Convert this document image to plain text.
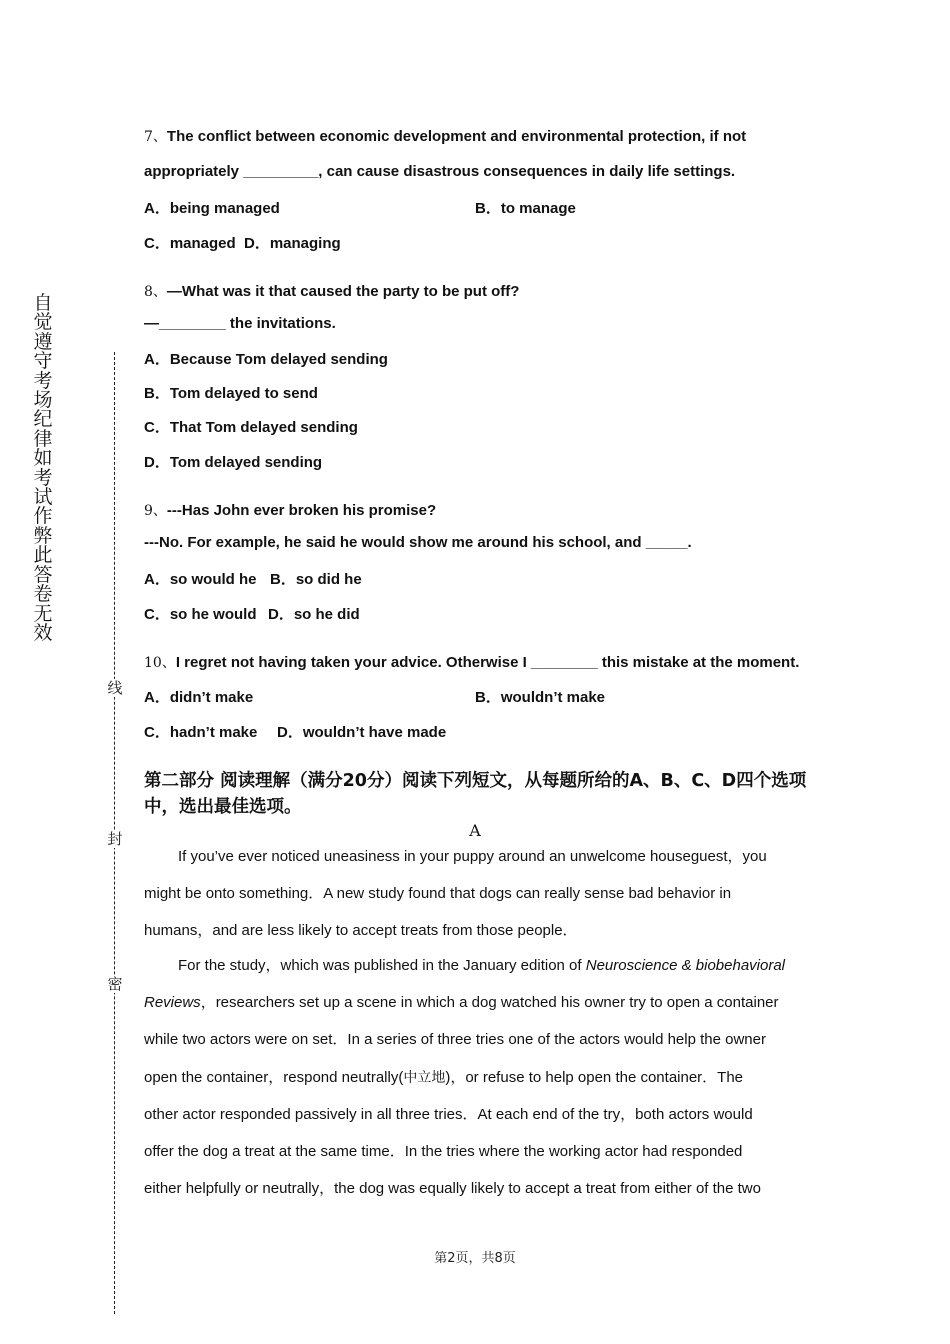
自觉遵守考场纪律如考试作弊此答卷无效
线
封
密
7、The conflict between economic development and environmental protection, if not
appropriately _________, can cause disastrous consequences in daily life settings.
A．being managed	B．to manage
C．managed D．managing
8、—What was it that caused the party to be put off?
—________ the invitations.
A．Because Tom delayed sending
B．Tom delayed to send
C．That Tom delayed sending
D．Tom delayed sending
9、---Has John ever broken his promise?
---No. For example, he said he would show me around his school, and _____.
A．so would he B．so did he
C．so he would D．so he did
10、I regret not having taken your advice. Otherwise I ________ this mistake at the moment.
A．didn’t make	B．wouldn’t make
C．hadn’t make D．wouldn’t have made
第二部分 阅读理解（满分20分）阅读下列短文，从每题所给的A、B、C、D四个选项中，选出最佳选项。
A
If you’ve ever noticed uneasiness in your puppy around an unwelcome houseguest，you
might be onto something．A new study found that dogs can really sense bad behavior in
humans，and are less likely to accept treats from those people．
For the study，which was published in the January edition of Neuroscience & biobehavioral
Reviews，researchers set up a scene in which a dog watched his owner try to open a container
while two actors were on set．In a series of three tries one of the actors would help the owner
open the container，respond neutrally(中立地)，or refuse to help open the container．The
other actor responded passively in all three tries．At each end of the try，both actors would
offer the dog a treat at the same time．In the tries where the working actor had responded
either helpfully or neutrally，the dog was equally likely to accept a treat from either of the two
第2页，共8页
